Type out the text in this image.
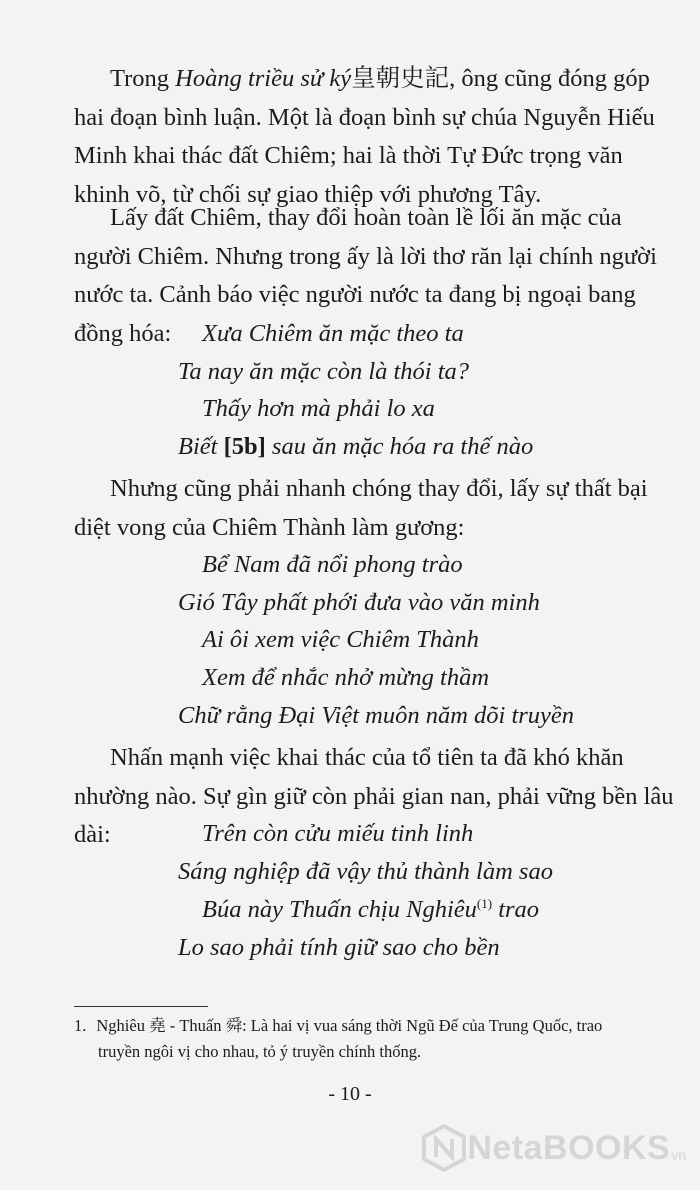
Trong Hoàng triều sử ký皇朝史記, ông cũng đóng góp hai đoạn bình luận. Một là đoạn bình sự chúa Nguyễn Hiếu Minh khai thác đất Chiêm; hai là thời Tự Đức trọng văn khinh võ, từ chối sự giao thiệp với phương Tây.

Lấy đất Chiêm, thay đổi hoàn toàn lề lối ăn mặc của người Chiêm. Nhưng trong ấy là lời thơ răn lại chính người nước ta. Cảnh báo việc người nước ta đang bị ngoại bang đồng hóa:	Xưa Chiêm ăn mặc theo ta

Ta nay ăn mặc còn là thói ta?

Thấy hơn mà phải lo xa

Biết [5b] sau ăn mặc hóa ra thế nào

Nhưng cũng phải nhanh chóng thay đổi, lấy sự thất bại diệt vong của Chiêm Thành làm gương:

Bể Nam đã nổi phong trào

Gió Tây phất phới đưa vào văn minh

Ai ôi xem việc Chiêm Thành

Xem để nhắc nhở mừng thầm

Chữ rằng Đại Việt muôn năm dõi truyền

Nhấn mạnh việc khai thác của tổ tiên ta đã khó khăn nhường nào. Sự gìn giữ còn phải gian nan, phải vững bền lâu dài:	Trên còn cửu miếu tinh linh

Sáng nghiệp đã vậy thủ thành làm sao

Búa này Thuấn chịu Nghiêu$^{(1)}$ trao

Lo sao phải tính giữ sao cho bền

1. Nghiêu 堯 - Thuấn 舜: Là hai vị vua sáng thời Ngũ Đế của Trung Quốc, trao
truyền ngôi vị cho nhau, tỏ ý truyền chính thống.

- 10 -
NetaBOOKS vn
